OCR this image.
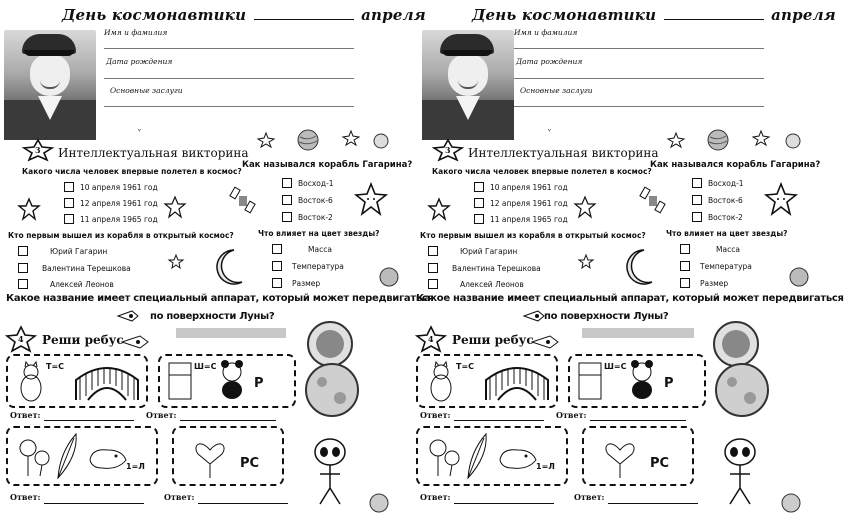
День космонавтики	апреля
Имя и фамилия
Дата рождения
Основные заслуги
3 Интеллектуальная викторина
ᵛ
Какого числа человек впервые полетел в космос?
10 апреля 1961 год
12 апреля 1961 год
11 апреля 1965 год
Как назывался корабль Гагарина?
Восход-1
Восток-6
Восток-2
Кто первым вышел из корабля в открытый космос?
Юрий Гагарин
Валентина Терешкова
Алексей Леонов
Что влияет на цвет звезды?
Масса
Температура
Размер
Какое название имеет специальный аппарат, который может передвигаться
по поверхности Луны?
4 Реши ребус
Т=С	Ш=С
Р
Ответ:	Ответ:
1=Л	РС
Ответ:	Ответ:
День космонавтики	апреля
Имя и фамилия
Дата рождения
Основные заслуги
3 Интеллектуальная викторина
ᵛ
Какого числа человек впервые полетел в космос?
10 апреля 1961 год
12 апреля 1961 год
11 апреля 1965 год
Как назывался корабль Гагарина?
Восход-1
Восток-6
Восток-2
Кто первым вышел из корабля в открытый космос?
Юрий Гагарин
Валентина Терешкова
Алексей Леонов
Что влияет на цвет звезды?
Масса
Температура
Размер
Какое название имеет специальный аппарат, который может передвигаться
по поверхности Луны?
4 Реши ребус
Т=С	Ш=С
Р
Ответ:	Ответ:
1=Л	РС
Ответ:	Ответ:
